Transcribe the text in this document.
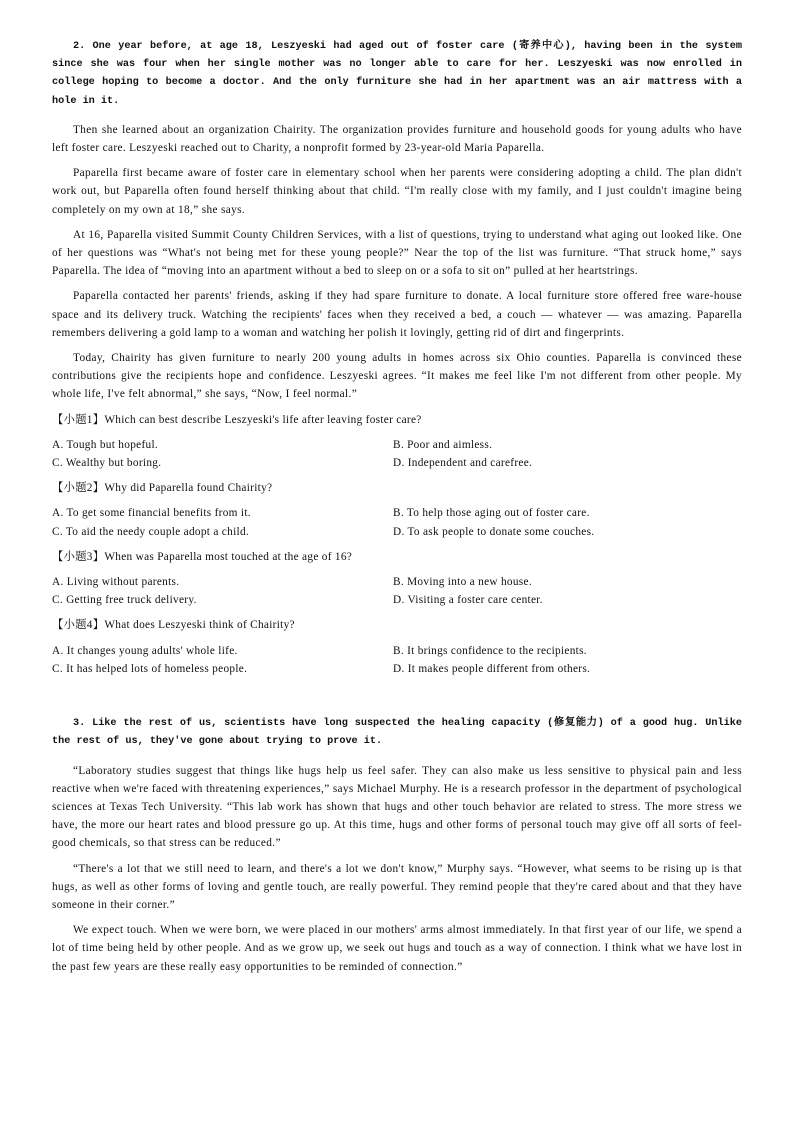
2. One year before, at age 18, Leszyeski had aged out of foster care (寄养中心), having been in the system since she was four when her single mother was no longer able to care for her. Leszyeski was now enrolled in college hoping to become a doctor. And the only furniture she had in her apartment was an air mattress with a hole in it.

Then she learned about an organization Chairity. The organization provides furniture and household goods for young adults who have left foster care. Leszyeski reached out to Charity, a nonprofit formed by 23-year-old Maria Paparella.

Paparella first became aware of foster care in elementary school when her parents were considering adopting a child. The plan didn't work out, but Paparella often found herself thinking about that child. “I'm really close with my family, and I just couldn't imagine being completely on my own at 18,” she says.

At 16, Paparella visited Summit County Children Services, with a list of questions, trying to understand what aging out looked like. One of her questions was “What's not being met for these young people?” Near the top of the list was furniture. “That struck home,” says Paparella. The idea of “moving into an apartment without a bed to sleep on or a sofa to sit on” pulled at her heartstrings.

Paparella contacted her parents' friends, asking if they had spare furniture to donate. A local furniture store offered free ware-house space and its delivery truck. Watching the recipients' faces when they received a bed, a couch — whatever — was amazing. Paparella remembers delivering a gold lamp to a woman and watching her polish it lovingly, getting rid of dirt and fingerprints.

Today, Chairity has given furniture to nearly 200 young adults in homes across six Ohio counties. Paparella is convinced these contributions give the recipients hope and confidence. Leszyeski agrees. “It makes me feel like I'm not different from other people. My whole life, I've felt abnormal,” she says, “Now, I feel normal.”

【小题1】Which can best describe Leszyeski's life after leaving foster care?
A. Tough but hopeful.	B. Poor and aimless.
C. Wealthy but boring.	D. Independent and carefree.
【小题2】Why did Paparella found Chairity?
A. To get some financial benefits from it.	B. To help those aging out of foster care.
C. To aid the needy couple adopt a child.	D. To ask people to donate some couches.
【小题3】When was Paparella most touched at the age of 16?
A. Living without parents.	B. Moving into a new house.
C. Getting free truck delivery.	D. Visiting a foster care center.
【小题4】What does Leszyeski think of Chairity?
A. It changes young adults' whole life.	B. It brings confidence to the recipients.
C. It has helped lots of homeless people.	D. It makes people different from others.

3. Like the rest of us, scientists have long suspected the healing capacity (修复能力) of a good hug. Unlike the rest of us, they've gone about trying to prove it.

“Laboratory studies suggest that things like hugs help us feel safer. They can also make us less sensitive to physical pain and less reactive when we're faced with threatening experiences,” says Michael Murphy. He is a research professor in the department of psychological sciences at Texas Tech University. “This lab work has shown that hugs and other touch behavior are related to stress. The more stress we have, the more our heart rates and blood pressure go up. At this time, hugs and other forms of personal touch may give off all sorts of feel-good chemicals, so that stress can be reduced.”

“There's a lot that we still need to learn, and there's a lot we don't know,” Murphy says. “However, what seems to be rising up is that hugs, as well as other forms of loving and gentle touch, are really powerful. They remind people that they're cared about and that they have someone in their corner.”

We expect touch. When we were born, we were placed in our mothers' arms almost immediately. In that first year of our life, we spend a lot of time being held by other people. And as we grow up, we seek out hugs and touch as a way of connection. I think what we have lost in the past few years are these really easy opportunities to be reminded of connection.”
